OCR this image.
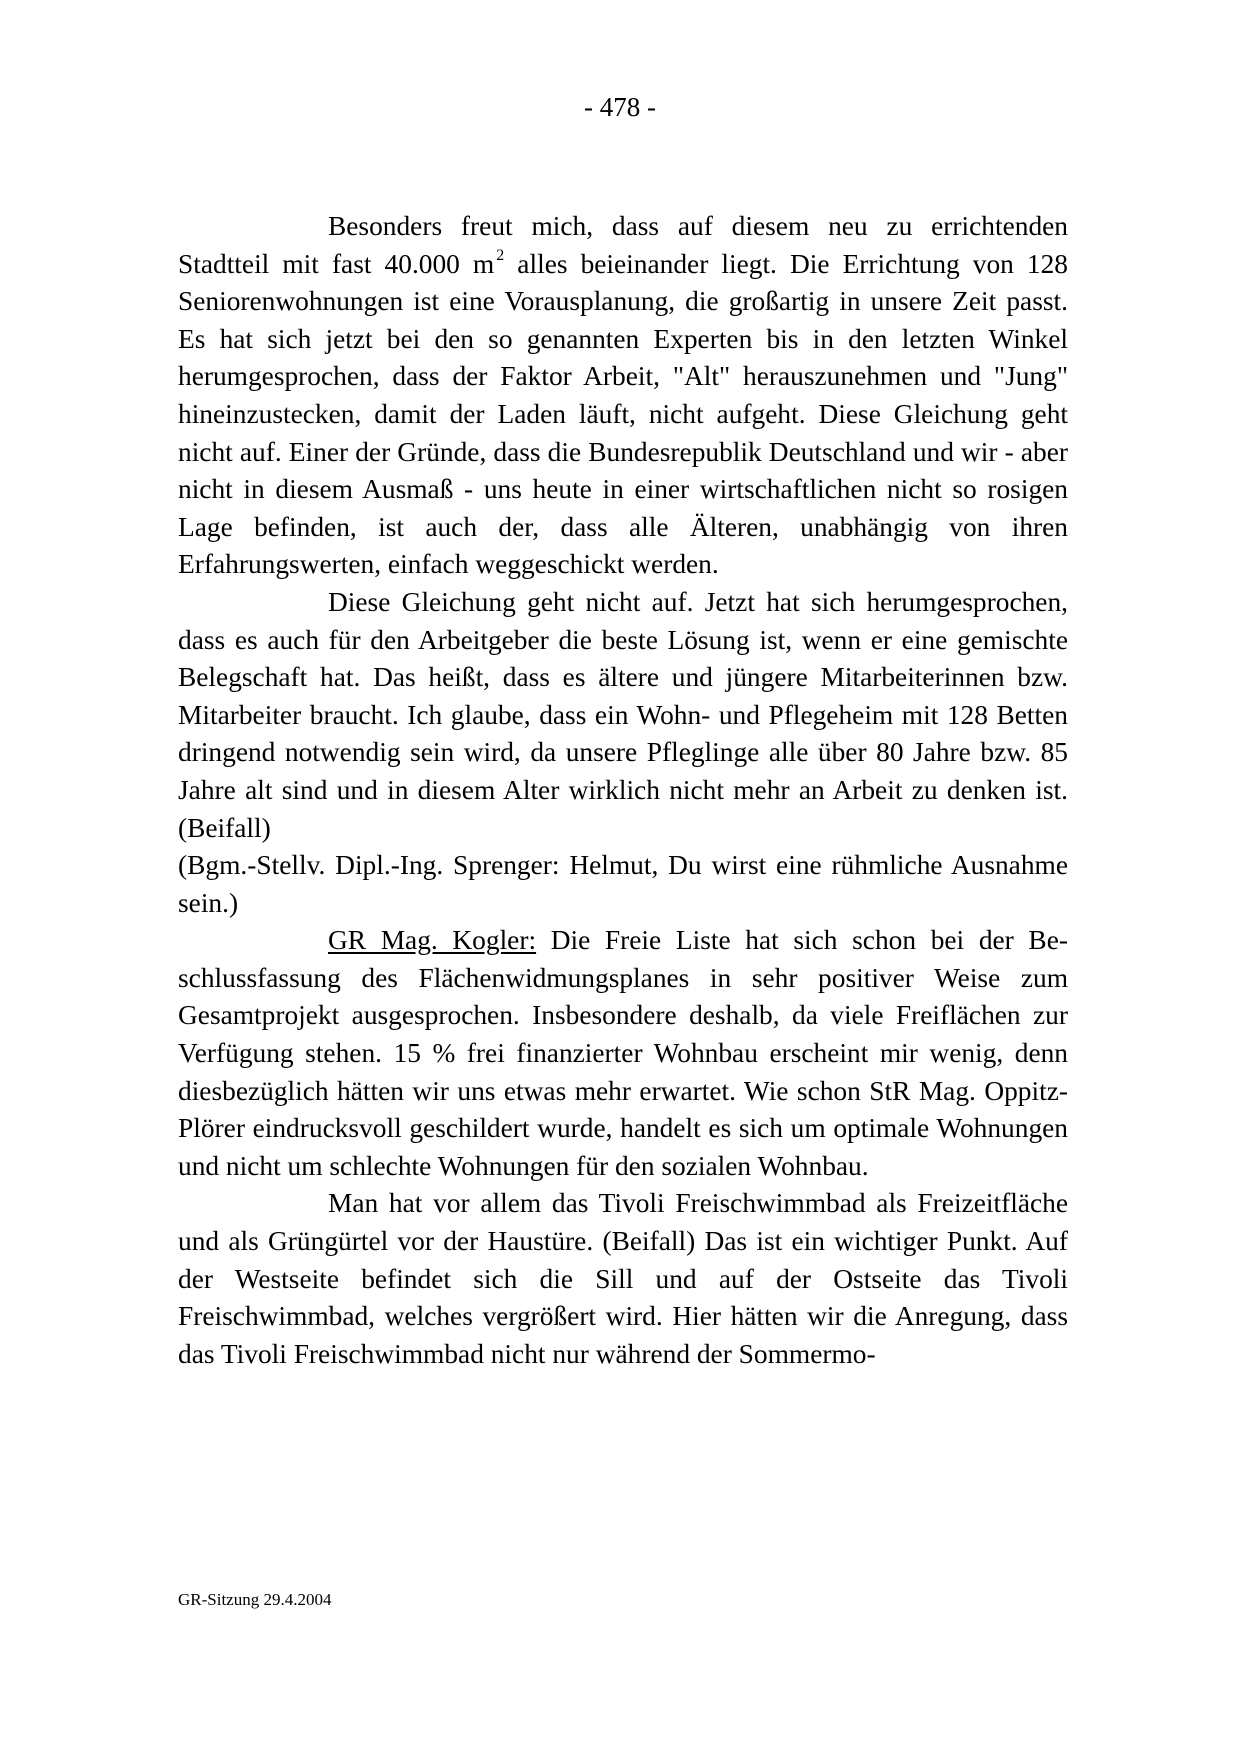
- 478 -

Besonders freut mich, dass auf diesem neu zu errichtenden Stadtteil mit fast 40.000 m $^2$ alles beieinander liegt. Die Errichtung von 128 Seniorenwohnungen ist eine Vorausplanung, die großartig in unsere Zeit passt. Es hat sich jetzt bei den so genannten Experten bis in den letzten Winkel herumgesprochen, dass der Faktor Arbeit, "Alt" herauszunehmen und "Jung" hineinzustecken, damit der Laden läuft, nicht aufgeht. Diese Gleichung geht nicht auf. Einer der Gründe, dass die Bundesrepublik Deutschland und wir - aber nicht in diesem Ausmaß - uns heute in einer wirtschaftlichen nicht so rosigen Lage befinden, ist auch der, dass alle Älteren, unabhängig von ihren Erfahrungswerten, einfach weggeschickt werden.

Diese Gleichung geht nicht auf. Jetzt hat sich herumgesprochen, dass es auch für den Arbeitgeber die beste Lösung ist, wenn er eine gemischte Belegschaft hat. Das heißt, dass es ältere und jüngere Mitarbeiterinnen bzw. Mitarbeiter braucht. Ich glaube, dass ein Wohn- und Pflegeheim mit 128 Betten dringend notwendig sein wird, da unsere Pfleglinge alle über 80 Jahre bzw. 85 Jahre alt sind und in diesem Alter wirklich nicht mehr an Arbeit zu denken ist. (Beifall)

(Bgm.-Stellv. Dipl.-Ing. Sprenger: Helmut, Du wirst eine rühmliche Ausnahme sein.)

GR Mag. Kogler: Die Freie Liste hat sich schon bei der Beschlussfassung des Flächenwidmungsplanes in sehr positiver Weise zum Gesamtprojekt ausgesprochen. Insbesondere deshalb, da viele Freiflächen zur Verfügung stehen. 15 % frei finanzierter Wohnbau erscheint mir wenig, denn diesbezüglich hätten wir uns etwas mehr erwartet. Wie schon StR Mag. Oppitz-Plörer eindrucksvoll geschildert wurde, handelt es sich um optimale Wohnungen und nicht um schlechte Wohnungen für den sozialen Wohnbau.

Man hat vor allem das Tivoli Freischwimmbad als Freizeitfläche und als Grüngürtel vor der Haustüre. (Beifall) Das ist ein wichtiger Punkt. Auf der Westseite befindet sich die Sill und auf der Ostseite das Tivoli Freischwimmbad, welches vergrößert wird. Hier hätten wir die Anregung, dass das Tivoli Freischwimmbad nicht nur während der Sommermo-

GR-Sitzung 29.4.2004
